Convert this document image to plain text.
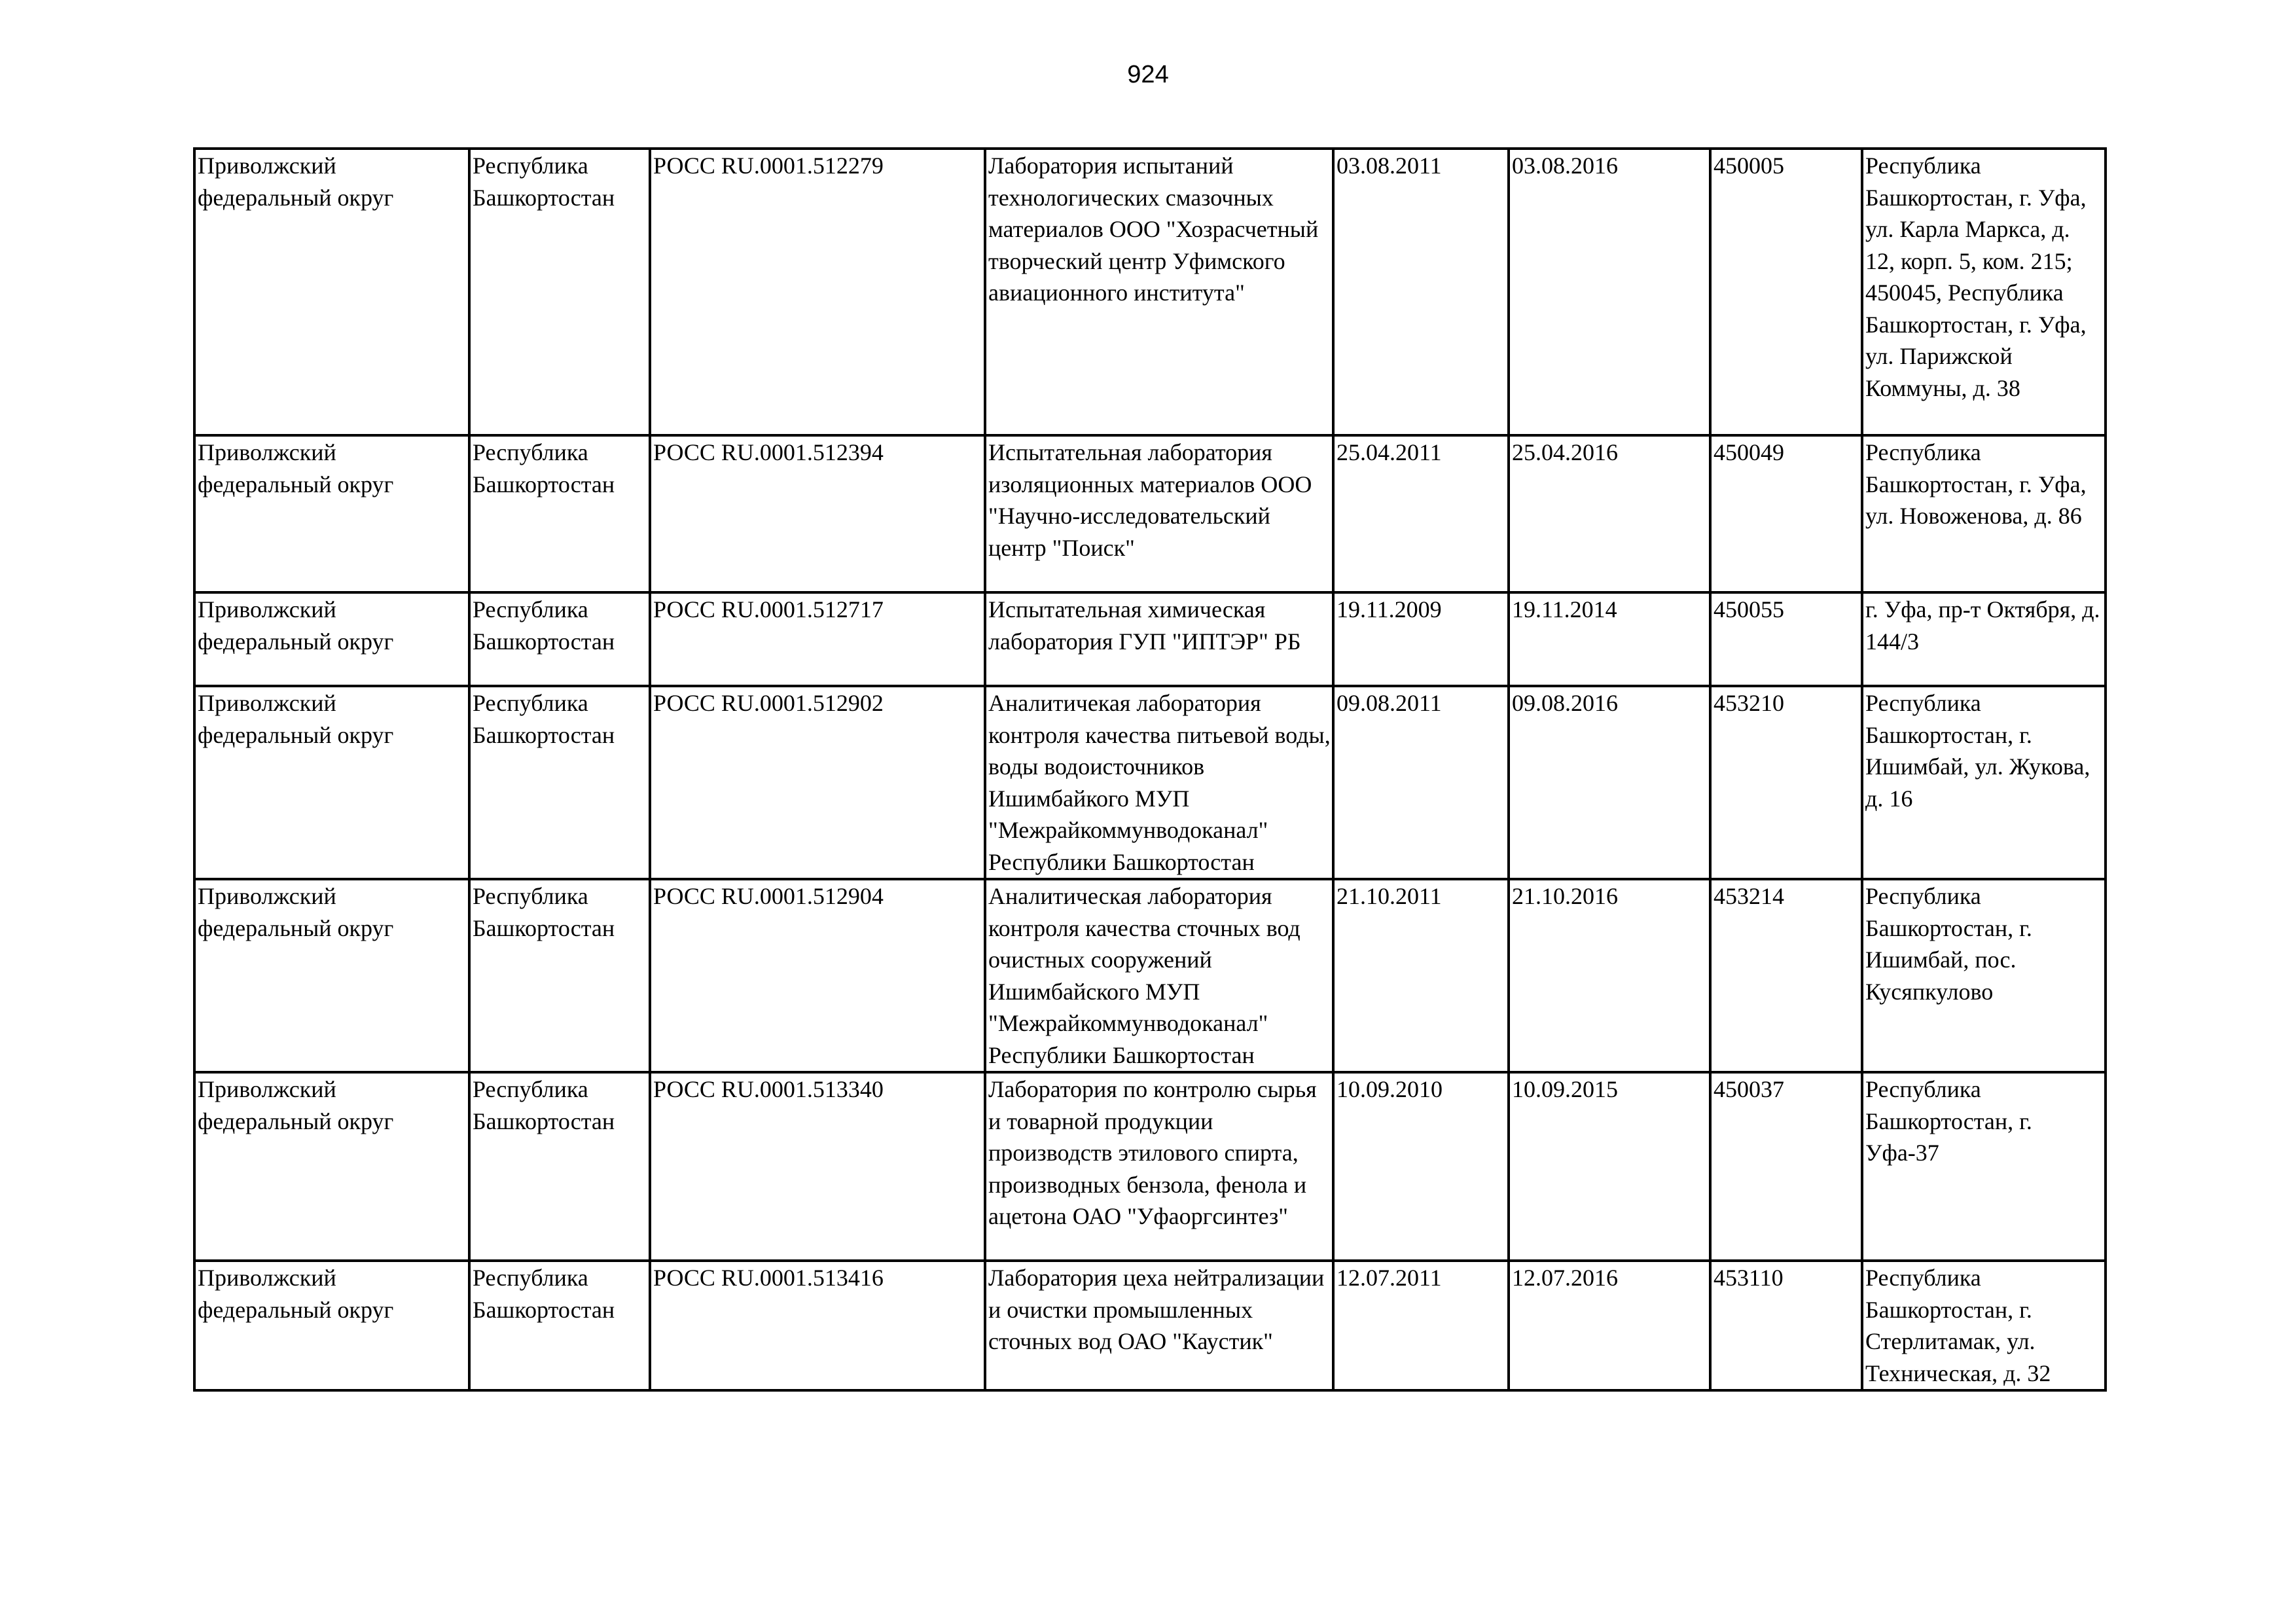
924
Приволжский федеральный округ	Республика Башкортостан	РОСС RU.0001.512279	Лаборатория испытаний технологических смазочных материалов ООО "Хозрасчетный творческий центр Уфимского авиационного института"	03.08.2011	03.08.2016	450005	Республика Башкортостан, г. Уфа, ул. Карла Маркса, д. 12, корп. 5, ком. 215; 450045, Республика Башкортостан, г. Уфа, ул. Парижской Коммуны, д. 38
Приволжский федеральный округ	Республика Башкортостан	РОСС RU.0001.512394	Испытательная лаборатория изоляционных материалов ООО "Научно-исследовательский центр "Поиск"	25.04.2011	25.04.2016	450049	Республика Башкортостан, г. Уфа, ул. Новоженова, д. 86
Приволжский федеральный округ	Республика Башкортостан	РОСС RU.0001.512717	Испытательная химическая лаборатория ГУП "ИПТЭР" РБ	19.11.2009	19.11.2014	450055	г. Уфа, пр-т Октября, д. 144/3
Приволжский федеральный округ	Республика Башкортостан	РОСС RU.0001.512902	Аналитичекая лаборатория контроля качества питьевой воды, воды водоисточников Ишимбайкого МУП "Межрайкоммунводоканал" Республики Башкортостан	09.08.2011	09.08.2016	453210	Республика Башкортостан, г. Ишимбай, ул. Жукова, д. 16
Приволжский федеральный округ	Республика Башкортостан	РОСС RU.0001.512904	Аналитическая лаборатория контроля качества сточных вод очистных сооружений Ишимбайского МУП "Межрайкоммунводоканал" Республики Башкортостан	21.10.2011	21.10.2016	453214	Республика Башкортостан, г. Ишимбай, пос. Кусяпкулово
Приволжский федеральный округ	Республика Башкортостан	РОСС RU.0001.513340	Лаборатория по контролю сырья и товарной продукции производств этилового спирта, производных бензола, фенола и ацетона ОАО "Уфаоргсинтез"	10.09.2010	10.09.2015	450037	Республика Башкортостан, г. Уфа-37
Приволжский федеральный округ	Республика Башкортостан	РОСС RU.0001.513416	Лаборатория цеха нейтрализации и очистки промышленных сточных вод ОАО "Каустик"	12.07.2011	12.07.2016	453110	Республика Башкортостан, г. Стерлитамак, ул. Техническая, д. 32
